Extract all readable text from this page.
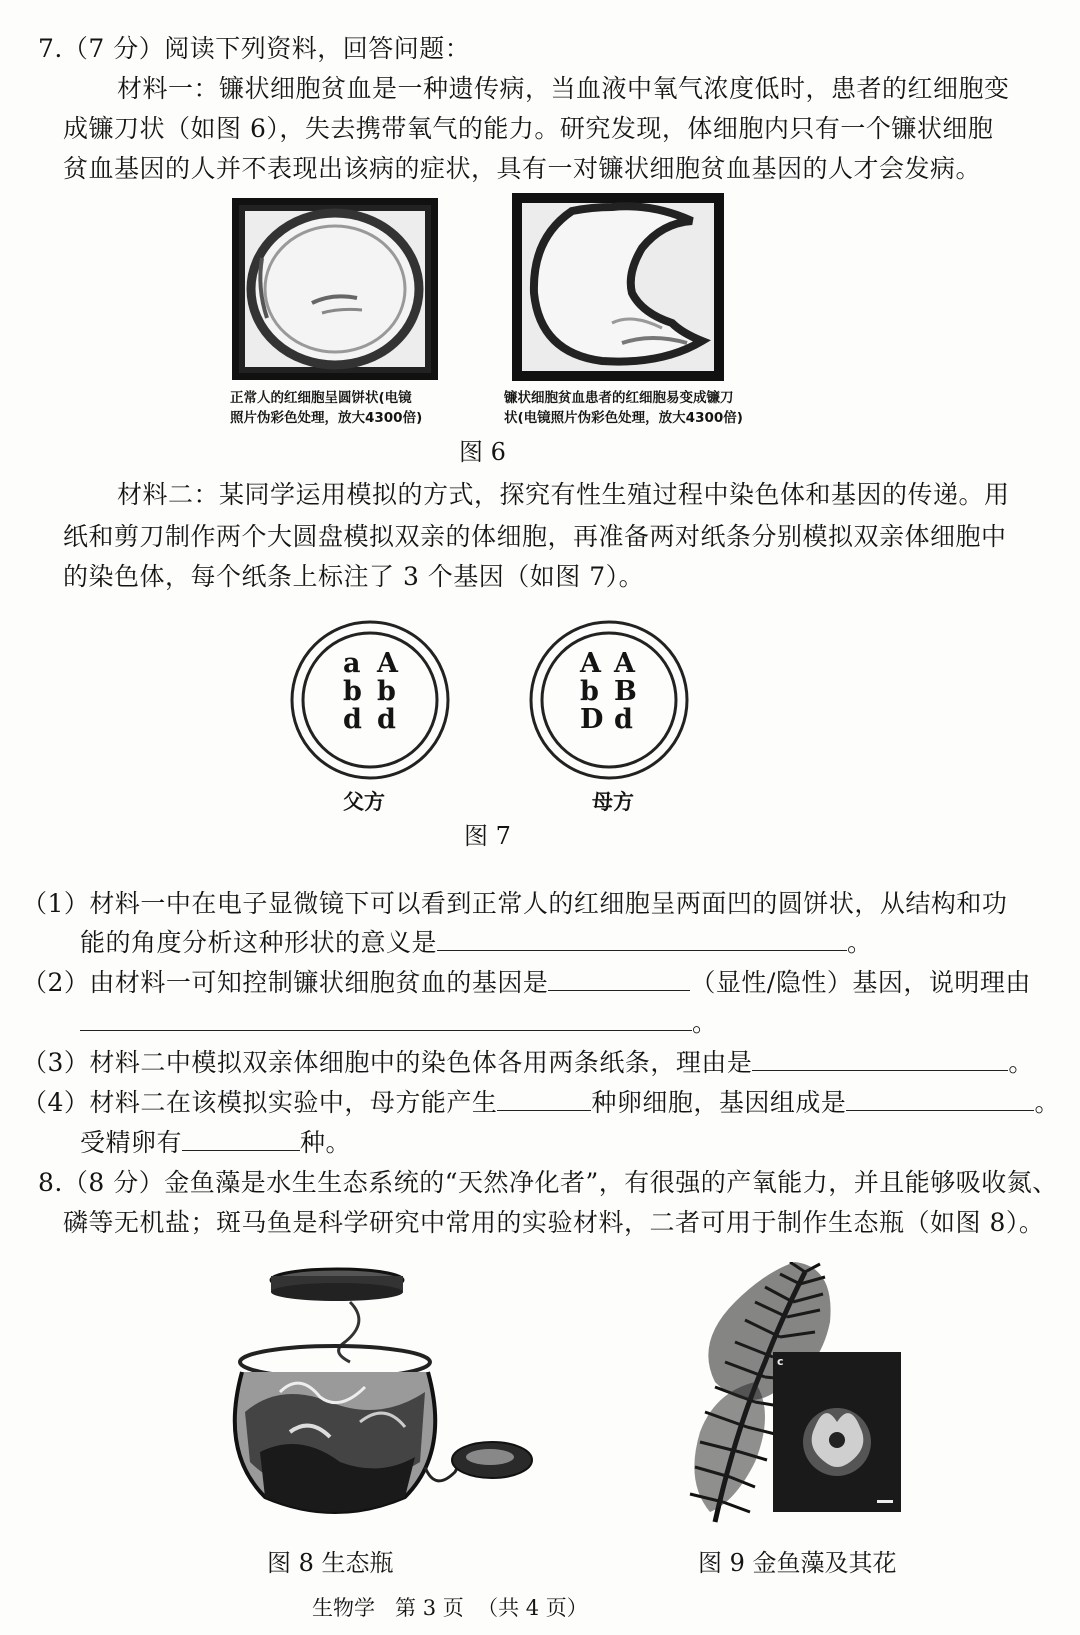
7.（7 分）阅读下列资料，回答问题：
材料一：镰状细胞贫血是一种遗传病，当血液中氧气浓度低时，患者的红细胞变
成镰刀状（如图 6），失去携带氧气的能力。研究发现，体细胞内只有一个镰状细胞
贫血基因的人并不表现出该病的症状，具有一对镰状细胞贫血基因的人才会发病。
正常人的红细胞呈圆饼状(电镜
照片伪彩色处理，放大4300倍)
镰状细胞贫血患者的红细胞易变成镰刀
状(电镜照片伪彩色处理，放大4300倍)
图 6
材料二：某同学运用模拟的方式，探究有性生殖过程中染色体和基因的传递。用
纸和剪刀制作两个大圆盘模拟双亲的体细胞，再准备两对纸条分别模拟双亲体细胞中
的染色体，每个纸条上标注了 3 个基因（如图 7）。
a
b
d
A
b
d
A
b
D
A
B
d
父方	母方
图 7
（1）材料一中在电子显微镜下可以看到正常人的红细胞呈两面凹的圆饼状，从结构和功
能的角度分析这种形状的意义是	。
（2）由材料一可知控制镰状细胞贫血的基因是	（显性/隐性）基因，说明理由
。
（3）材料二中模拟双亲体细胞中的染色体各用两条纸条，理由是	。
（4）材料二在该模拟实验中，母方能产生	种卵细胞，基因组成是	。
受精卵有	种。
8.（8 分）金鱼藻是水生生态系统的“天然净化者”，有很强的产氧能力，并且能够吸收氮、
磷等无机盐；斑马鱼是科学研究中常用的实验材料，二者可用于制作生态瓶（如图 8）。
图 8 生态瓶
c
图 9 金鱼藻及其花
生物学   第 3 页  （共 4 页）
